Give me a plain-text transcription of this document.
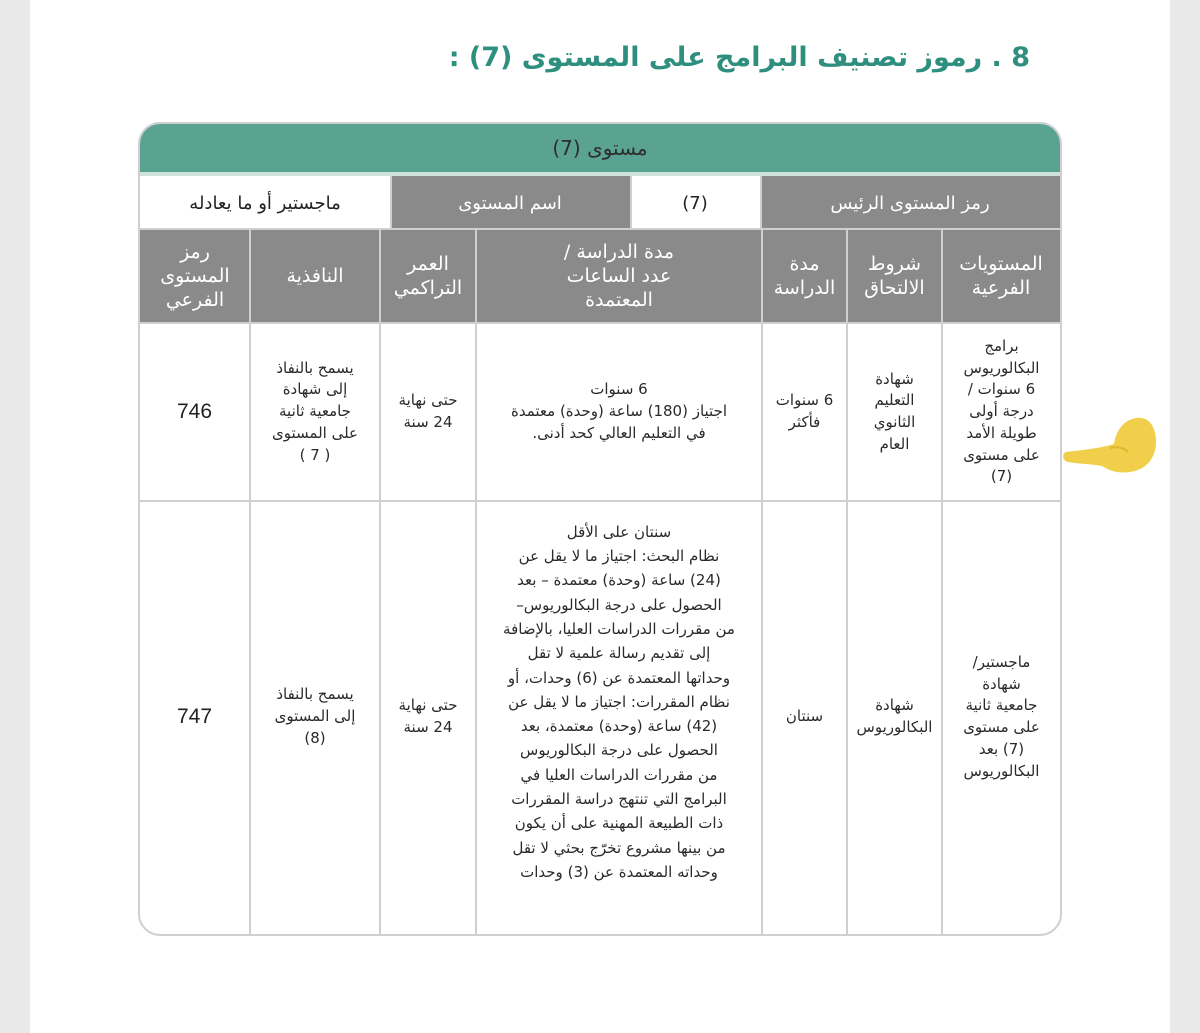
8 . رموز تصنيف البرامج على المستوى (7) :
مستوى (7)
رمز المستوى الرئيس
(7)
اسم المستوى
ماجستير أو ما يعادله
المستويات
الفرعية
شروط
الالتحاق
مدة
الدراسة
مدة الدراسة /
عدد الساعات
المعتمدة
العمر
التراكمي
النافذية
رمز
المستوى
الفرعي
برامج
البكالوريوس
6 سنوات /
درجة أولى
طويلة الأمد
على مستوى
(7)
شهادة
التعليم
الثانوي
العام
6 سنوات
فأكثر
6 سنوات
اجتياز (180) ساعة (وحدة) معتمدة
في التعليم العالي كحد أدنى.
حتى نهاية
24 سنة
يسمح بالنفاذ
إلى شهادة
جامعية ثانية
على المستوى
( 7 )
746
ماجستير/
شهادة
جامعية ثانية
على مستوى
(7) بعد
البكالوريوس
شهادة
البكالوريوس
سنتان
سنتان على الأقل
نظام البحث: اجتياز ما لا يقل عن
(24) ساعة (وحدة) معتمدة – بعد
الحصول على درجة البكالوريوس–
من مقررات الدراسات العليا، بالإضافة
إلى تقديم رسالة علمية لا تقل
وحداتها المعتمدة عن (6) وحدات، أو
نظام المقررات: اجتياز ما لا يقل عن
(42) ساعة (وحدة) معتمدة، بعد
الحصول على درجة البكالوريوس
من مقررات الدراسات العليا في
البرامج التي تنتهج دراسة المقررات
ذات الطبيعة المهنية على أن يكون
من بينها مشروع تخرّج بحثي لا تقل
وحداته المعتمدة عن (3) وحدات
حتى نهاية
24 سنة
يسمح بالنفاذ
إلى المستوى
(8)
747
